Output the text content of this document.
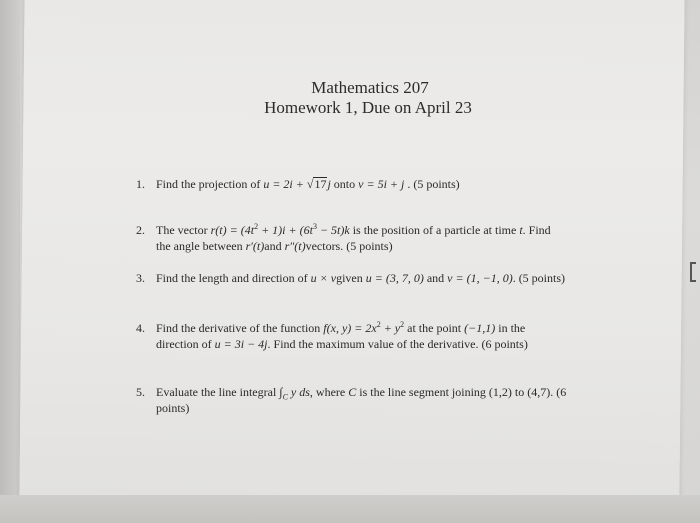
Mathematics 207
Homework 1, Due on April 23
1. Find the projection of u = 2i + √17j onto v = 5i + j . (5 points)
2. The vector $r(t) = (4t^2 + 1)i + (6t^3 - 5t)k$ is the position of a particle at time t. Find
the angle between r′(t)and r″(t)vectors. (5 points)
3. Find the length and direction of u × vgiven u = (3, 7, 0) and v = (1, −1, 0). (5 points)
4. Find the derivative of the function f(x, $y) = 2x^2 + y^2$ at the point (−1,1) in the
direction of u = 3i − 4j. Find the maximum value of the derivative. (6 points)
5. Evaluate the line integral $\int_C$ y ds, where C is the line segment joining (1,2) to (4,7). (6
points)
